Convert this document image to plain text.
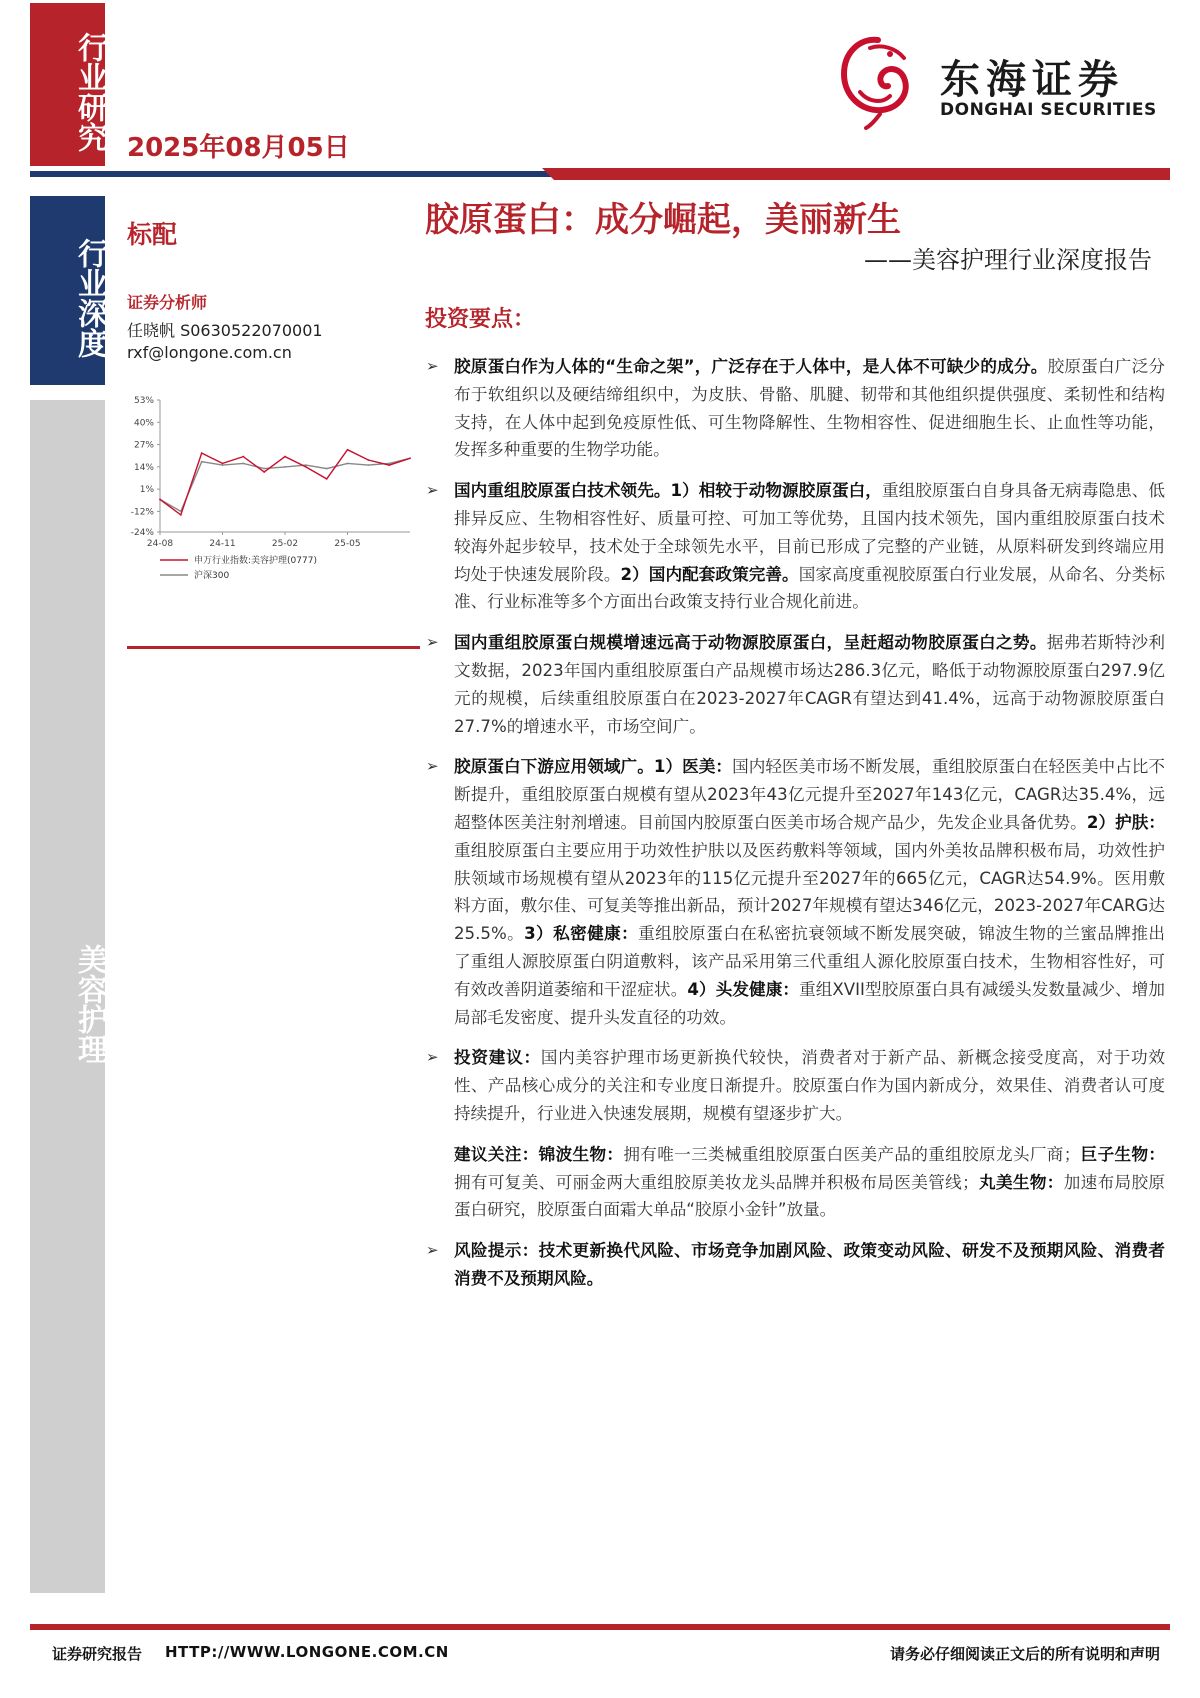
行业研究
行业深度
美容护理
2025年08月05日
东海证券
DONGHAI SECURITIES
标配
证券分析师
任晓帆 S0630522070001
rxf@longone.com.cn
53%
40%
27%
14%
1%
-12%
-24%
24-08	24-11	25-02	25-05
申万行业指数:美容护理(0777)
沪深300
胶原蛋白：成分崛起，美丽新生
——美容护理行业深度报告
投资要点：
➢ 胶原蛋白作为人体的“生命之架”，广泛存在于人体中，是人体不可缺少的成分。胶原蛋白广泛分布于软组织以及硬结缔组织中，为皮肤、骨骼、肌腱、韧带和其他组织提供强度、柔韧性和结构支持，在人体中起到免疫原性低、可生物降解性、生物相容性、促进细胞生长、止血性等功能，发挥多种重要的生物学功能。
➢ 国内重组胶原蛋白技术领先。1）相较于动物源胶原蛋白，重组胶原蛋白自身具备无病毒隐患、低排异反应、生物相容性好、质量可控、可加工等优势，且国内技术领先，国内重组胶原蛋白技术较海外起步较早，技术处于全球领先水平，目前已形成了完整的产业链，从原料研发到终端应用均处于快速发展阶段。2）国内配套政策完善。国家高度重视胶原蛋白行业发展，从命名、分类标准、行业标准等多个方面出台政策支持行业合规化前进。
➢ 国内重组胶原蛋白规模增速远高于动物源胶原蛋白，呈赶超动物胶原蛋白之势。据弗若斯特沙利文数据，2023年国内重组胶原蛋白产品规模市场达286.3亿元，略低于动物源胶原蛋白297.9亿元的规模，后续重组胶原蛋白在2023-2027年CAGR有望达到41.4%，远高于动物源胶原蛋白27.7%的增速水平，市场空间广。
➢ 胶原蛋白下游应用领域广。1）医美：国内轻医美市场不断发展，重组胶原蛋白在轻医美中占比不断提升，重组胶原蛋白规模有望从2023年43亿元提升至2027年143亿元，CAGR达35.4%，远超整体医美注射剂增速。目前国内胶原蛋白医美市场合规产品少，先发企业具备优势。2）护肤：重组胶原蛋白主要应用于功效性护肤以及医药敷料等领域，国内外美妆品牌积极布局，功效性护肤领域市场规模有望从2023年的115亿元提升至2027年的665亿元，CAGR达54.9%。医用敷料方面，敷尔佳、可复美等推出新品，预计2027年规模有望达346亿元，2023-2027年CARG达25.5%。3）私密健康：重组胶原蛋白在私密抗衰领域不断发展突破，锦波生物的兰蜜品牌推出了重组人源胶原蛋白阴道敷料，该产品采用第三代重组人源化胶原蛋白技术，生物相容性好，可有效改善阴道萎缩和干涩症状。4）头发健康：重组XVII型胶原蛋白具有减缓头发数量减少、增加局部毛发密度、提升头发直径的功效。
➢ 投资建议：国内美容护理市场更新换代较快，消费者对于新产品、新概念接受度高，对于功效性、产品核心成分的关注和专业度日渐提升。胶原蛋白作为国内新成分，效果佳、消费者认可度持续提升，行业进入快速发展期，规模有望逐步扩大。
建议关注：锦波生物：拥有唯一三类械重组胶原蛋白医美产品的重组胶原龙头厂商；巨子生物：拥有可复美、可丽金两大重组胶原美妆龙头品牌并积极布局医美管线；丸美生物：加速布局胶原蛋白研究，胶原蛋白面霜大单品“胶原小金针”放量。
➢ 风险提示：技术更新换代风险、市场竞争加剧风险、政策变动风险、研发不及预期风险、消费者消费不及预期风险。
证券研究报告 HTTP://WWW.LONGONE.COM.CN	请务必仔细阅读正文后的所有说明和声明
